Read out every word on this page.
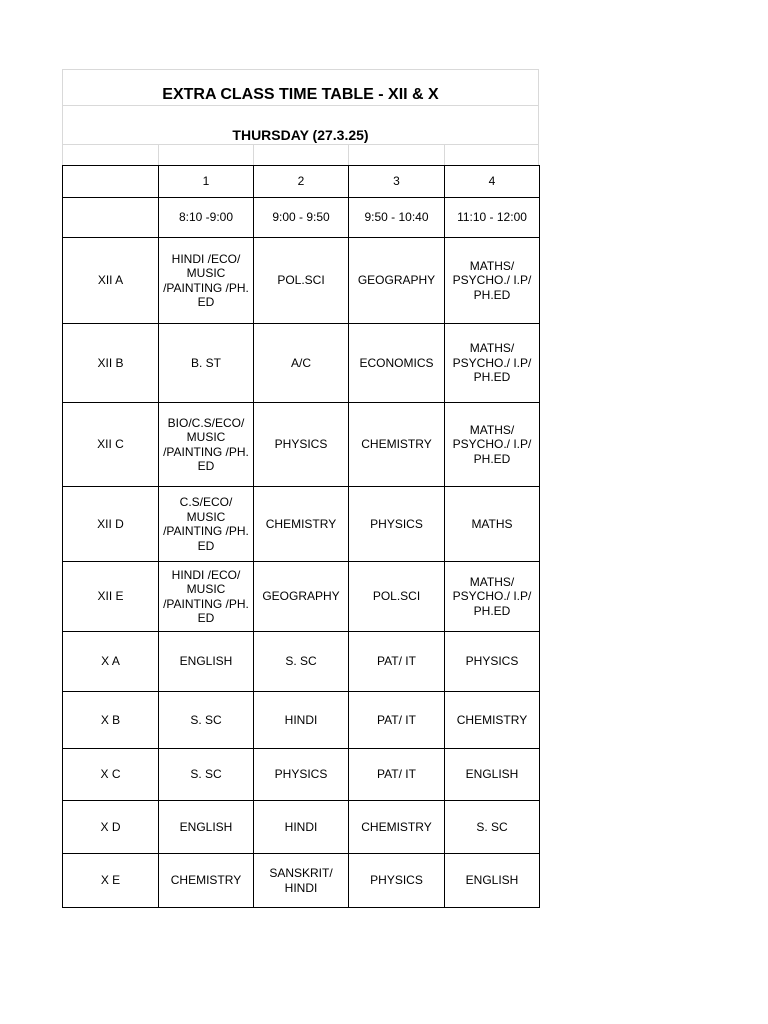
EXTRA CLASS TIME TABLE - XII & X
THURSDAY (27.3.25)
	1	2	3	4
	8:10 -9:00	9:00 - 9:50	9:50 - 10:40	11:10 - 12:00
XII A	HINDI /ECO/ MUSIC /PAINTING /PH. ED	POL.SCI	GEOGRAPHY	MATHS/ PSYCHO./ I.P/ PH.ED
XII B	B. ST	A/C	ECONOMICS	MATHS/ PSYCHO./ I.P/ PH.ED
XII C	BIO/C.S/ECO/ MUSIC /PAINTING /PH. ED	PHYSICS	CHEMISTRY	MATHS/ PSYCHO./ I.P/ PH.ED
XII D	C.S/ECO/ MUSIC /PAINTING /PH. ED	CHEMISTRY	PHYSICS	MATHS
XII E	HINDI /ECO/ MUSIC /PAINTING /PH. ED	GEOGRAPHY	POL.SCI	MATHS/ PSYCHO./ I.P/ PH.ED
X A	ENGLISH	S. SC	PAT/ IT	PHYSICS
X B	S. SC	HINDI	PAT/ IT	CHEMISTRY
X C	S. SC	PHYSICS	PAT/ IT	ENGLISH
X D	ENGLISH	HINDI	CHEMISTRY	S. SC
X E	CHEMISTRY	SANSKRIT/ HINDI	PHYSICS	ENGLISH
